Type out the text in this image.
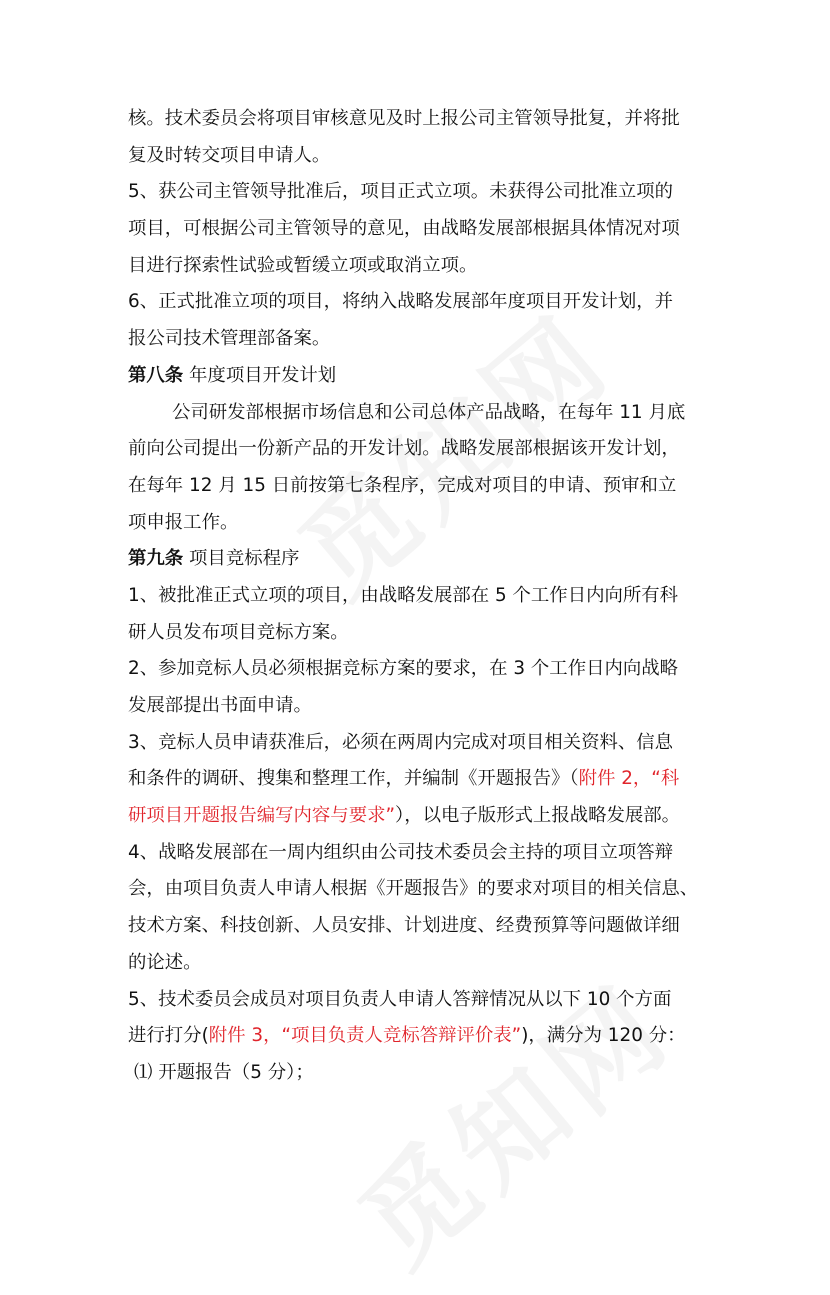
核。技术委员会将项目审核意见及时上报公司主管领导批复，并将批
复及时转交项目申请人。
5、获公司主管领导批准后，项目正式立项。未获得公司批准立项的
项目，可根据公司主管领导的意见，由战略发展部根据具体情况对项
目进行探索性试验或暂缓立项或取消立项。
6、正式批准立项的项目，将纳入战略发展部年度项目开发计划，并
报公司技术管理部备案。
第八条 年度项目开发计划
公司研发部根据市场信息和公司总体产品战略，在每年 11 月底
前向公司提出一份新产品的开发计划。战略发展部根据该开发计划，
在每年 12 月 15 日前按第七条程序，完成对项目的申请、预审和立
项申报工作。
第九条 项目竞标程序
1、被批准正式立项的项目，由战略发展部在 5 个工作日内向所有科
研人员发布项目竞标方案。
2、参加竞标人员必须根据竞标方案的要求，在 3 个工作日内向战略
发展部提出书面申请。
3、竞标人员申请获准后，必须在两周内完成对项目相关资料、信息
和条件的调研、搜集和整理工作，并编制《开题报告》（附件 2，“科
研项目开题报告编写内容与要求”），以电子版形式上报战略发展部。
4、战略发展部在一周内组织由公司技术委员会主持的项目立项答辩
会，由项目负责人申请人根据《开题报告》的要求对项目的相关信息、
技术方案、科技创新、人员安排、计划进度、经费预算等问题做详细
的论述。
5、技术委员会成员对项目负责人申请人答辩情况从以下 10 个方面
进行打分(附件 3，“项目负责人竞标答辩评价表”)，满分为 120 分：
⑴ 开题报告（5 分）；
